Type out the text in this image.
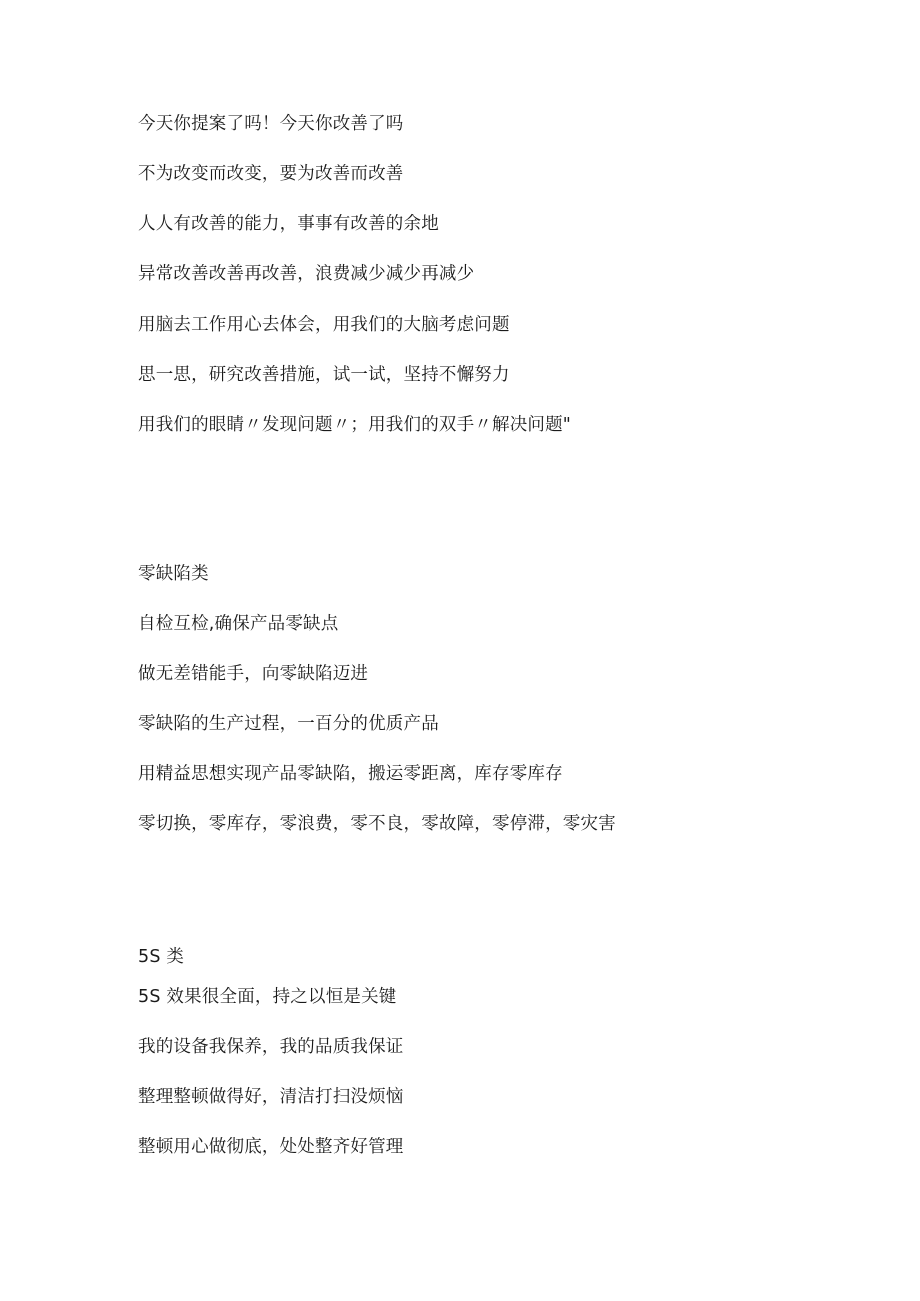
今天你提案了吗！今天你改善了吗

不为改变而改变，要为改善而改善

人人有改善的能力，事事有改善的余地

异常改善改善再改善，浪费减少减少再减少

用脑去工作用心去体会，用我们的大脑考虑问题

思一思，研究改善措施，试一试，坚持不懈努力

用我们的眼睛〃发现问题〃；用我们的双手〃解决问题"

零缺陷类

自检互检,确保产品零缺点

做无差错能手，向零缺陷迈进

零缺陷的生产过程，一百分的优质产品

用精益思想实现产品零缺陷，搬运零距离，库存零库存

零切换，零库存，零浪费，零不良，零故障，零停滞，零灾害

5S 类

5S 效果很全面，持之以恒是关键

我的设备我保养，我的品质我保证

整理整顿做得好，清洁打扫没烦恼

整顿用心做彻底，处处整齐好管理
